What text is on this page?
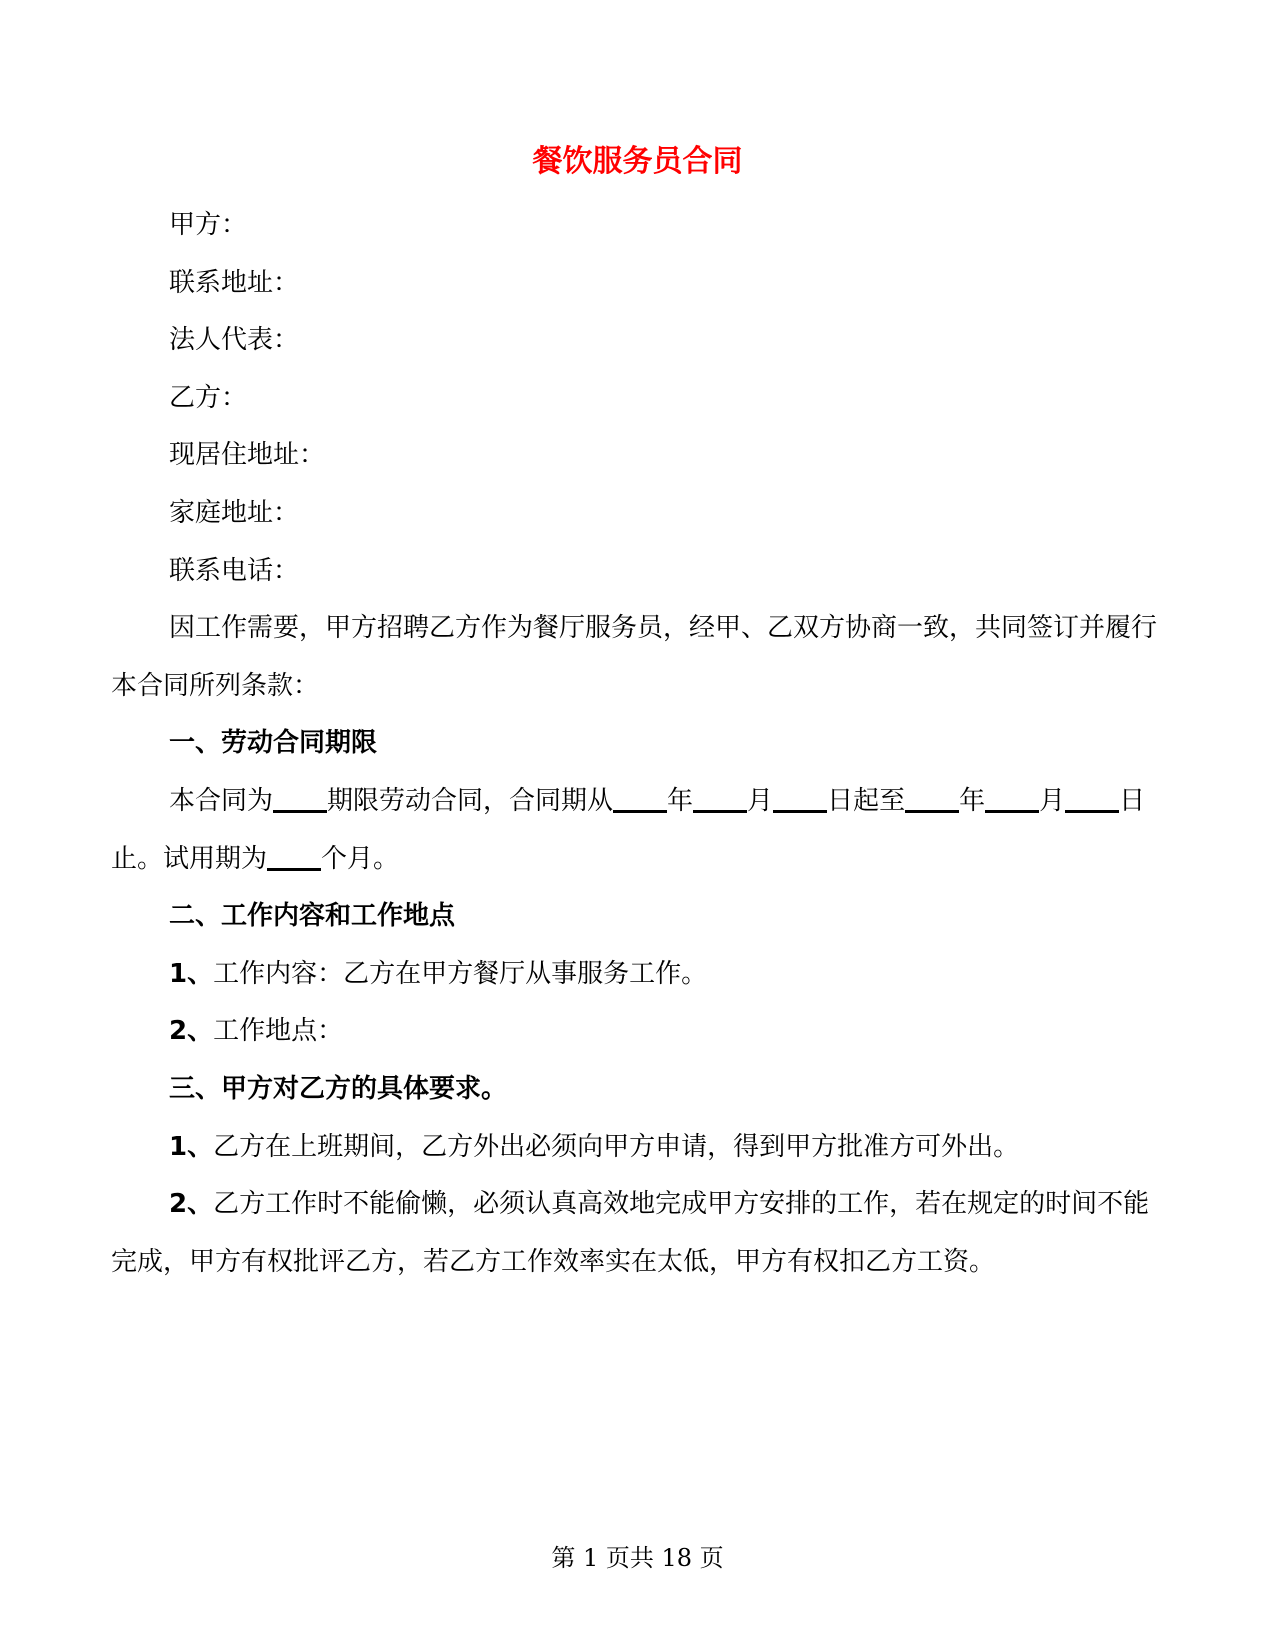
餐饮服务员合同

甲方：

联系地址：

法人代表：

乙方：

现居住地址：

家庭地址：

联系电话：

因工作需要，甲方招聘乙方作为餐厅服务员，经甲、乙双方协商一致，共同签订并履行本合同所列条款：

一、劳动合同期限

本合同为 期限劳动合同，合同期从 年 月 日起至 年 月 日止。试用期为 个月。

二、工作内容和工作地点

1、工作内容：乙方在甲方餐厅从事服务工作。

2、工作地点：

三、甲方对乙方的具体要求。

1、乙方在上班期间，乙方外出必须向甲方申请，得到甲方批准方可外出。

2、乙方工作时不能偷懒，必须认真高效地完成甲方安排的工作，若在规定的时间不能完成，甲方有权批评乙方，若乙方工作效率实在太低，甲方有权扣乙方工资。

第 1 页共 18 页
